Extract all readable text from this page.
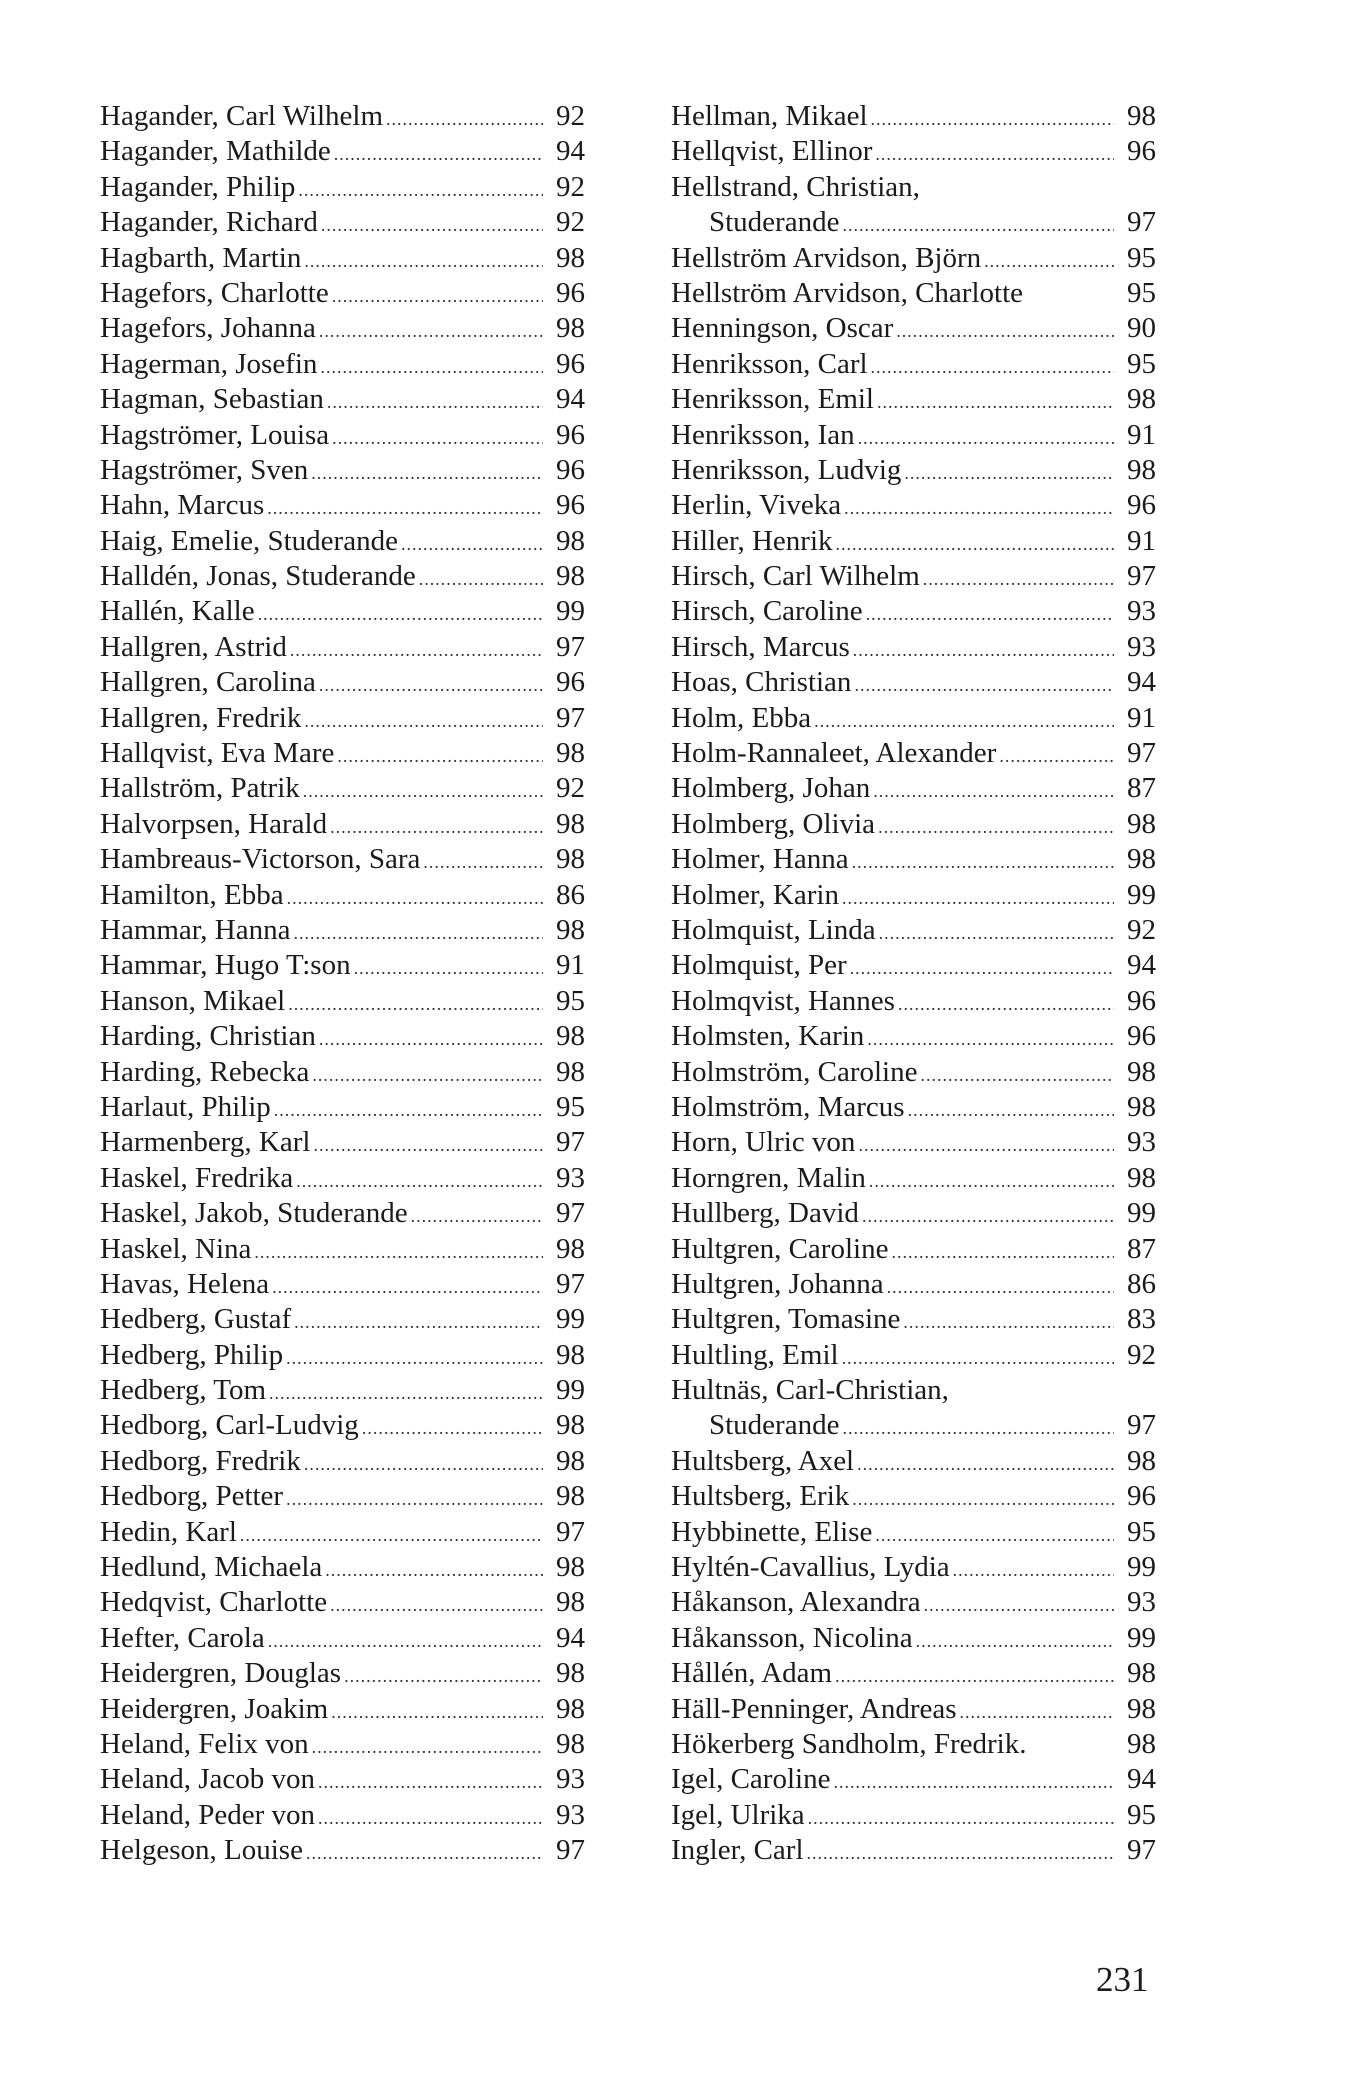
Hagander, Carl Wilhelm .....	92
Hagander, Mathilde .....	94
Hagander, Philip .....	92
Hagander, Richard .....	92
Hagbarth, Martin .....	98
Hagefors, Charlotte .....	96
Hagefors, Johanna .....	98
Hagerman, Josefin .....	96
Hagman, Sebastian .....	94
Hagströmer, Louisa .....	96
Hagströmer, Sven .....	96
Hahn, Marcus .....	96
Haig, Emelie, Studerande .....	98
Halldén, Jonas, Studerande .....	98
Hallén, Kalle .....	99
Hallgren, Astrid .....	97
Hallgren, Carolina .....	96
Hallgren, Fredrik .....	97
Hallqvist, Eva Mare .....	98
Hallström, Patrik .....	92
Halvorpsen, Harald .....	98
Hambreaus-Victorson, Sara .....	98
Hamilton, Ebba .....	86
Hammar, Hanna .....	98
Hammar, Hugo T:son .....	91
Hanson, Mikael .....	95
Harding, Christian .....	98
Harding, Rebecka .....	98
Harlaut, Philip .....	95
Harmenberg, Karl .....	97
Haskel, Fredrika .....	93
Haskel, Jakob, Studerande .....	97
Haskel, Nina .....	98
Havas, Helena .....	97
Hedberg, Gustaf .....	99
Hedberg, Philip .....	98
Hedberg, Tom .....	99
Hedborg, Carl-Ludvig .....	98
Hedborg, Fredrik .....	98
Hedborg, Petter .....	98
Hedin, Karl .....	97
Hedlund, Michaela .....	98
Hedqvist, Charlotte .....	98
Hefter, Carola .....	94
Heidergren, Douglas .....	98
Heidergren, Joakim .....	98
Heland, Felix von .....	98
Heland, Jacob von .....	93
Heland, Peder von .....	93
Helgeson, Louise .....	97
Hellman, Mikael .....	98
Hellqvist, Ellinor .....	96
Hellstrand, Christian,
Studerande .....	97
Hellström Arvidson, Björn .....	95
Hellström Arvidson, Charlotte	95
Henningson, Oscar .....	90
Henriksson, Carl .....	95
Henriksson, Emil .....	98
Henriksson, Ian .....	91
Henriksson, Ludvig .....	98
Herlin, Viveka .....	96
Hiller, Henrik .....	91
Hirsch, Carl Wilhelm .....	97
Hirsch, Caroline .....	93
Hirsch, Marcus .....	93
Hoas, Christian .....	94
Holm, Ebba .....	91
Holm-Rannaleet, Alexander .....	97
Holmberg, Johan .....	87
Holmberg, Olivia .....	98
Holmer, Hanna .....	98
Holmer, Karin .....	99
Holmquist, Linda .....	92
Holmquist, Per .....	94
Holmqvist, Hannes .....	96
Holmsten, Karin .....	96
Holmström, Caroline .....	98
Holmström, Marcus .....	98
Horn, Ulric von .....	93
Horngren, Malin .....	98
Hullberg, David .....	99
Hultgren, Caroline .....	87
Hultgren, Johanna .....	86
Hultgren, Tomasine .....	83
Hultling, Emil .....	92
Hultnäs, Carl-Christian,
Studerande .....	97
Hultsberg, Axel .....	98
Hultsberg, Erik .....	96
Hybbinette, Elise .....	95
Hyltén-Cavallius, Lydia .....	99
Håkanson, Alexandra .....	93
Håkansson, Nicolina .....	99
Hållén, Adam .....	98
Häll-Penninger, Andreas .....	98
Hökerberg Sandholm, Fredrik.	98
Igel, Caroline .....	94
Igel, Ulrika .....	95
Ingler, Carl .....	97
231
